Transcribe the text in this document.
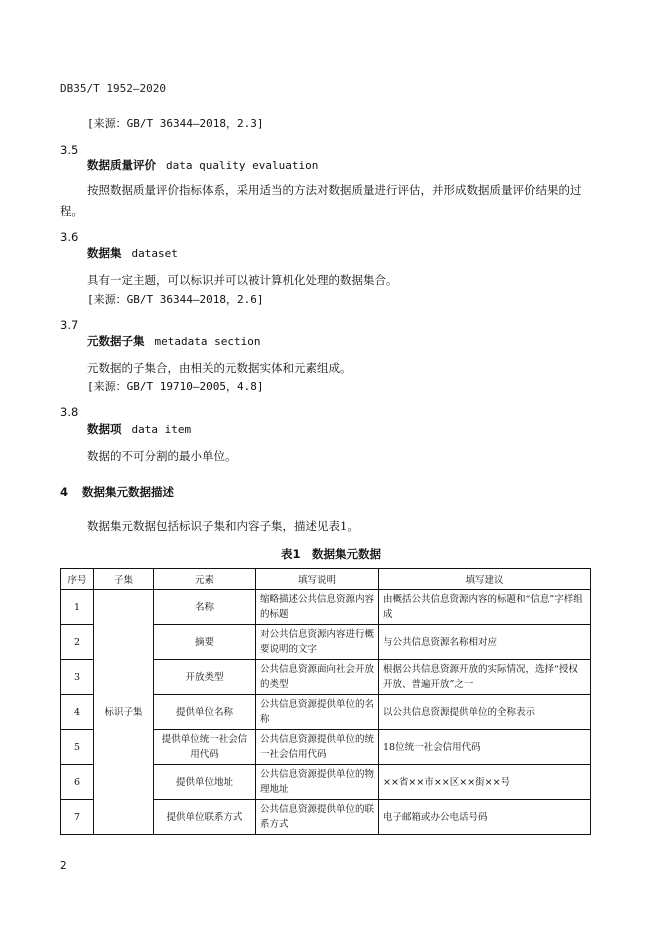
DB35/T 1952—2020
[来源：GB/T 36344—2018，2.3]
3.5
数据质量评价 data quality evaluation
按照数据质量评价指标体系，采用适当的方法对数据质量进行评估，并形成数据质量评价结果的过程。
3.6
数据集 dataset
具有一定主题，可以标识并可以被计算机化处理的数据集合。
[来源：GB/T 36344—2018，2.6]
3.7
元数据子集 metadata section
元数据的子集合，由相关的元数据实体和元素组成。
[来源：GB/T 19710—2005，4.8]
3.8
数据项 data item
数据的不可分割的最小单位。
4 数据集元数据描述
数据集元数据包括标识子集和内容子集，描述见表1。
表1　数据集元数据
序号	子集	元素	填写说明	填写建议
1	标识子集	名称	缩略描述公共信息资源内容的标题	由概括公共信息资源内容的标题和“信息”字样组成
2		摘要	对公共信息资源内容进行概要说明的文字	与公共信息资源名称相对应
3		开放类型	公共信息资源面向社会开放的类型	根据公共信息资源开放的实际情况，选择“授权开放、普遍开放”之一
4		提供单位名称	公共信息资源提供单位的名称	以公共信息资源提供单位的全称表示
5		提供单位统一社会信用代码	公共信息资源提供单位的统一社会信用代码	18位统一社会信用代码
6		提供单位地址	公共信息资源提供单位的物理地址	××省××市××区××街××号
7		提供单位联系方式	公共信息资源提供单位的联系方式	电子邮箱或办公电话号码
2
